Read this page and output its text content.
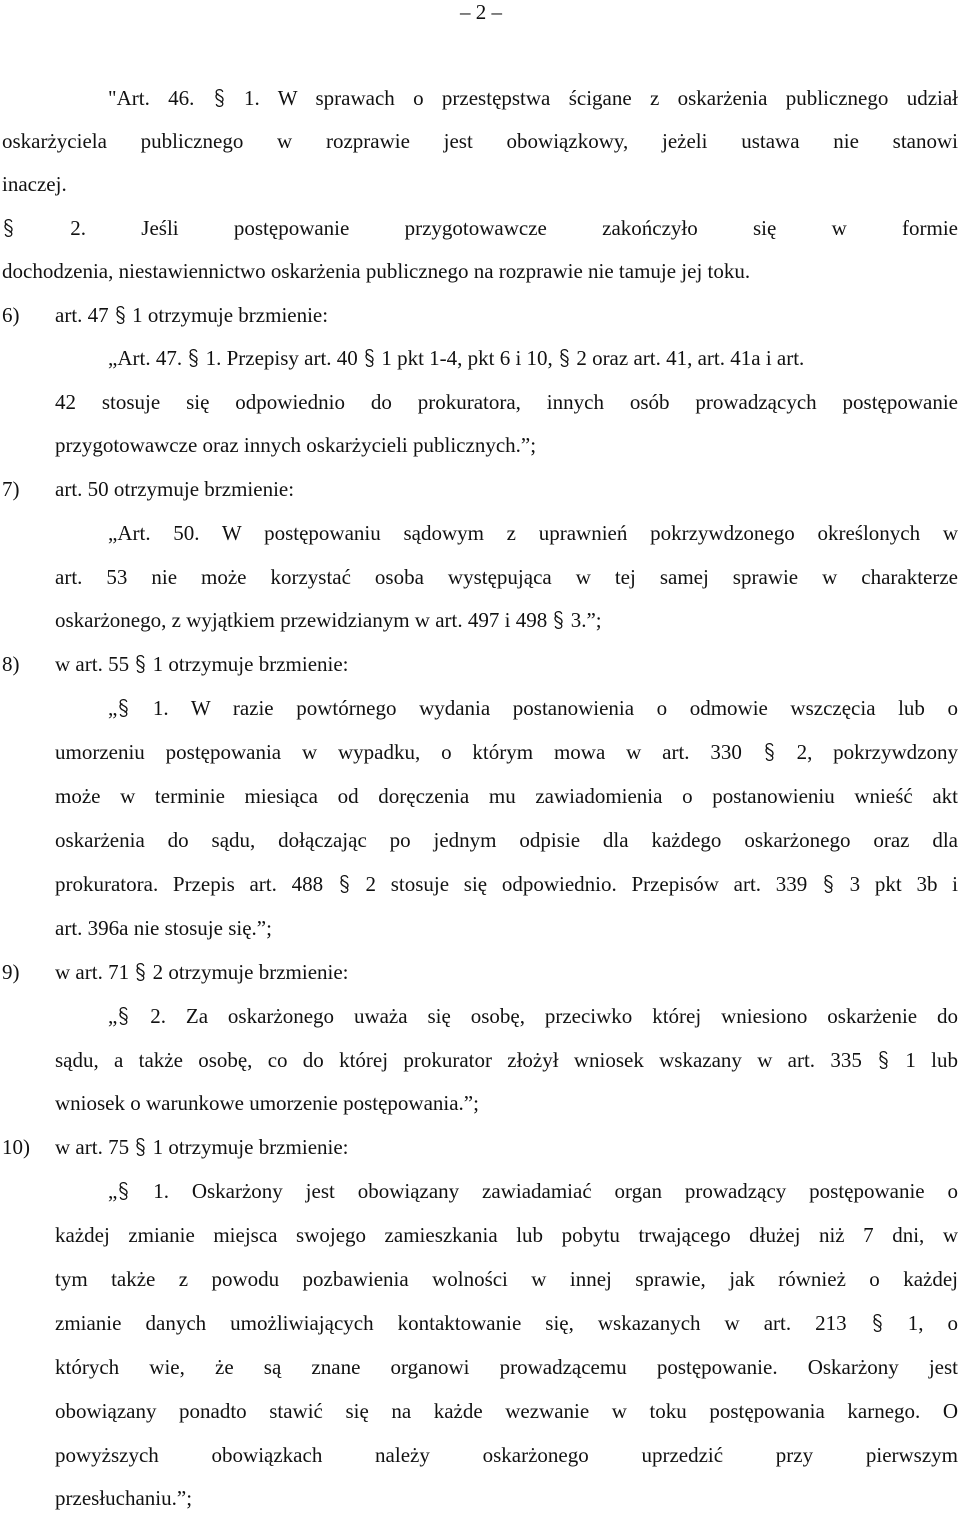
– 2 –
"Art. 46.
1. W sprawach o przestępstwa ścigane z oskarżenia publicznego udział
oskarżyciela publicznego w rozprawie jest obowiązkowy, jeżeli ustawa nie stanowi
inaczej.
2. Jeśli postępowanie przygotowawcze zakończyło się w formie
dochodzenia, niestawiennictwo oskarżenia publicznego na rozprawie nie tamuje jej toku.
6) art. 47
1 otrzymuje brzmienie:
„Art. 47.
1. Przepisy art. 40
1 pkt 1-4, pkt 6 i 10,
2 oraz art. 41, art. 41a i art.
42 stosuje się odpowiednio do prokuratora, innych osób prowadzących postępowanie
przygotowawcze oraz innych oskarżycieli publicznych.”;
7) art. 50 otrzymuje brzmienie:
„Art. 50. W postępowaniu sądowym z uprawnień pokrzywdzonego określonych w
art. 53 nie może korzystać osoba występująca w tej samej sprawie w charakterze
oskarżonego, z wyjątkiem przewidzianym w art. 497 i 498
3.”;
8) w art. 55
1 otrzymuje brzmienie:
„
1. W razie powtórnego wydania postanowienia o odmowie wszczęcia lub o
umorzeniu postępowania w wypadku, o którym mowa w art. 330
2, pokrzywdzony
może w terminie miesiąca od doręczenia mu zawiadomienia o postanowieniu wnieść akt
oskarżenia do sądu, dołączając po jednym odpisie dla każdego oskarżonego oraz dla
prokuratora. Przepis art. 488
2 stosuje się odpowiednio. Przepisów art. 339
3 pkt 3b i
art. 396a nie stosuje się.”;
9) w art. 71
2 otrzymuje brzmienie:
„
2. Za oskarżonego uważa się osobę, przeciwko której wniesiono oskarżenie do
sądu, a także osobę, co do której prokurator złożył wniosek wskazany w art. 335
1 lub
wniosek o warunkowe umorzenie postępowania.”;
10) w art. 75
1 otrzymuje brzmienie:
„
1. Oskarżony jest obowiązany zawiadamiać organ prowadzący postępowanie o
każdej zmianie miejsca swojego zamieszkania lub pobytu trwającego dłużej niż 7 dni, w
tym także z powodu pozbawienia wolności w innej sprawie, jak również o każdej
zmianie danych umożliwiających kontaktowanie się, wskazanych w art. 213
1, o
których wie, że są znane organowi prowadzącemu postępowanie. Oskarżony jest
obowiązany ponadto stawić się na każde wezwanie w toku postępowania karnego. O
powyższych obowiązkach należy oskarżonego uprzedzić przy pierwszym
przesłuchaniu.”;
